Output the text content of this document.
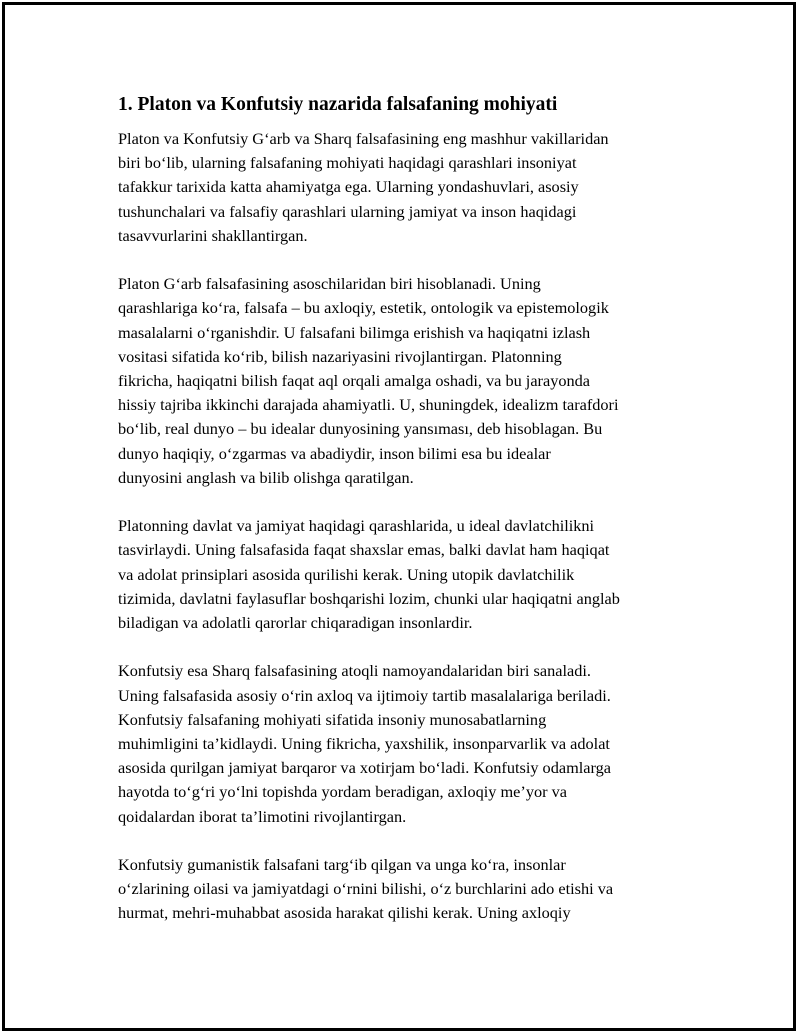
1. Platon va Konfutsiy nazarida falsafaning mohiyati

Platon va Konfutsiy G‘arb va Sharq falsafasining eng mashhur vakillaridan
biri bo‘lib, ularning falsafaning mohiyati haqidagi qarashlari insoniyat
tafakkur tarixida katta ahamiyatga ega. Ularning yondashuvlari, asosiy
tushunchalari va falsafiy qarashlari ularning jamiyat va inson haqidagi
tasavvurlarini shakllantirgan.

Platon G‘arb falsafasining asoschilaridan biri hisoblanadi. Uning
qarashlariga ko‘ra, falsafa – bu axloqiy, estetik, ontologik va epistemologik
masalalarni o‘rganishdir. U falsafani bilimga erishish va haqiqatni izlash
vositasi sifatida ko‘rib, bilish nazariyasini rivojlantirgan. Platonning
fikricha, haqiqatni bilish faqat aql orqali amalga oshadi, va bu jarayonda
hissiy tajriba ikkinchi darajada ahamiyatli. U, shuningdek, idealizm tarafdori
bo‘lib, real dunyo – bu idealar dunyosining yansıması, deb hisoblagan. Bu
dunyo haqiqiy, o‘zgarmas va abadiydir, inson bilimi esa bu idealar
dunyosini anglash va bilib olishga qaratilgan.

Platonning davlat va jamiyat haqidagi qarashlarida, u ideal davlatchilikni
tasvirlaydi. Uning falsafasida faqat shaxslar emas, balki davlat ham haqiqat
va adolat prinsiplari asosida qurilishi kerak. Uning utopik davlatchilik
tizimida, davlatni faylasuflar boshqarishi lozim, chunki ular haqiqatni anglab
biladigan va adolatli qarorlar chiqaradigan insonlardir.

Konfutsiy esa Sharq falsafasining atoqli namoyandalaridan biri sanaladi.
Uning falsafasida asosiy o‘rin axloq va ijtimoiy tartib masalalariga beriladi.
Konfutsiy falsafaning mohiyati sifatida insoniy munosabatlarning
muhimligini ta’kidlaydi. Uning fikricha, yaxshilik, insonparvarlik va adolat
asosida qurilgan jamiyat barqaror va xotirjam bo‘ladi. Konfutsiy odamlarga
hayotda to‘g‘ri yo‘lni topishda yordam beradigan, axloqiy me’yor va
qoidalardan iborat ta’limotini rivojlantirgan.

Konfutsiy gumanistik falsafani targ‘ib qilgan va unga ko‘ra, insonlar
o‘zlarining oilasi va jamiyatdagi o‘rnini bilishi, o‘z burchlarini ado etishi va
hurmat, mehri-muhabbat asosida harakat qilishi kerak. Uning axloqiy
